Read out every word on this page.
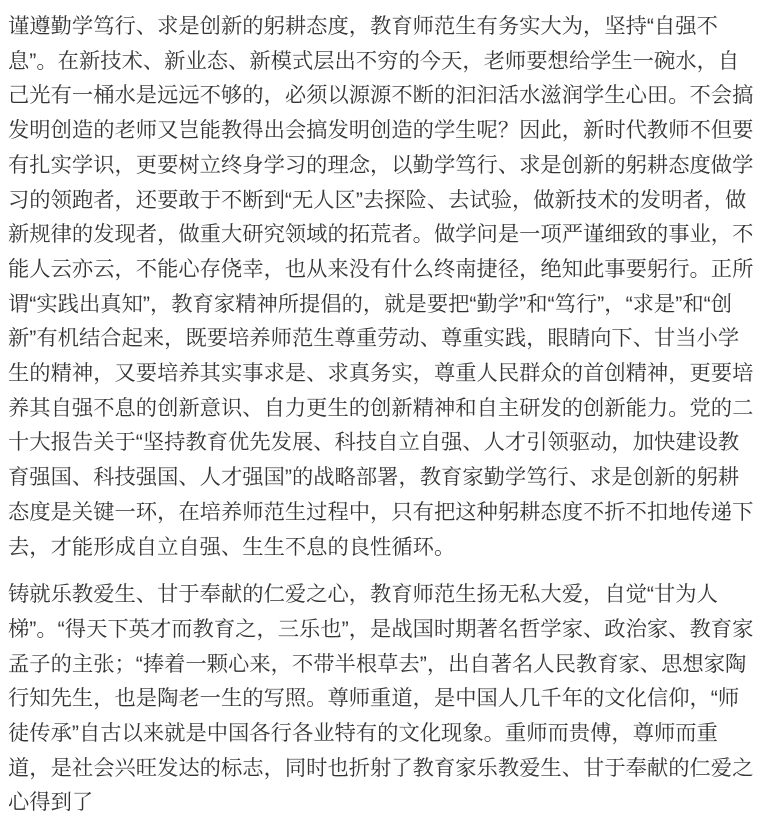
谨遵勤学笃行、求是创新的躬耕态度，教育师范生有务实大为，坚持“自强不息”。在新技术、新业态、新模式层出不穷的今天，老师要想给学生一碗水，自己光有一桶水是远远不够的，必须以源源不断的汩汩活水滋润学生心田。不会搞发明创造的老师又岂能教得出会搞发明创造的学生呢？因此，新时代教师不但要有扎实学识，更要树立终身学习的理念，以勤学笃行、求是创新的躬耕态度做学习的领跑者，还要敢于不断到“无人区”去探险、去试验，做新技术的发明者，做新规律的发现者，做重大研究领域的拓荒者。做学问是一项严谨细致的事业，不能人云亦云，不能心存侥幸，也从来没有什么终南捷径，绝知此事要躬行。正所谓“实践出真知”，教育家精神所提倡的，就是要把“勤学”和“笃行”，“求是”和“创新”有机结合起来，既要培养师范生尊重劳动、尊重实践，眼睛向下、甘当小学生的精神，又要培养其实事求是、求真务实，尊重人民群众的首创精神，更要培养其自强不息的创新意识、自力更生的创新精神和自主研发的创新能力。党的二十大报告关于“坚持教育优先发展、科技自立自强、人才引领驱动，加快建设教育强国、科技强国、人才强国”的战略部署，教育家勤学笃行、求是创新的躬耕态度是关键一环，在培养师范生过程中，只有把这种躬耕态度不折不扣地传递下去，才能形成自立自强、生生不息的良性循环。

铸就乐教爱生、甘于奉献的仁爱之心，教育师范生扬无私大爱，自觉“甘为人梯”。“得天下英才而教育之，三乐也”，是战国时期著名哲学家、政治家、教育家孟子的主张；“捧着一颗心来，不带半根草去”，出自著名人民教育家、思想家陶行知先生，也是陶老一生的写照。尊师重道，是中国人几千年的文化信仰，“师徒传承”自古以来就是中国各行各业特有的文化现象。重师而贵傅，尊师而重道，是社会兴旺发达的标志，同时也折射了教育家乐教爱生、甘于奉献的仁爱之心得到了
